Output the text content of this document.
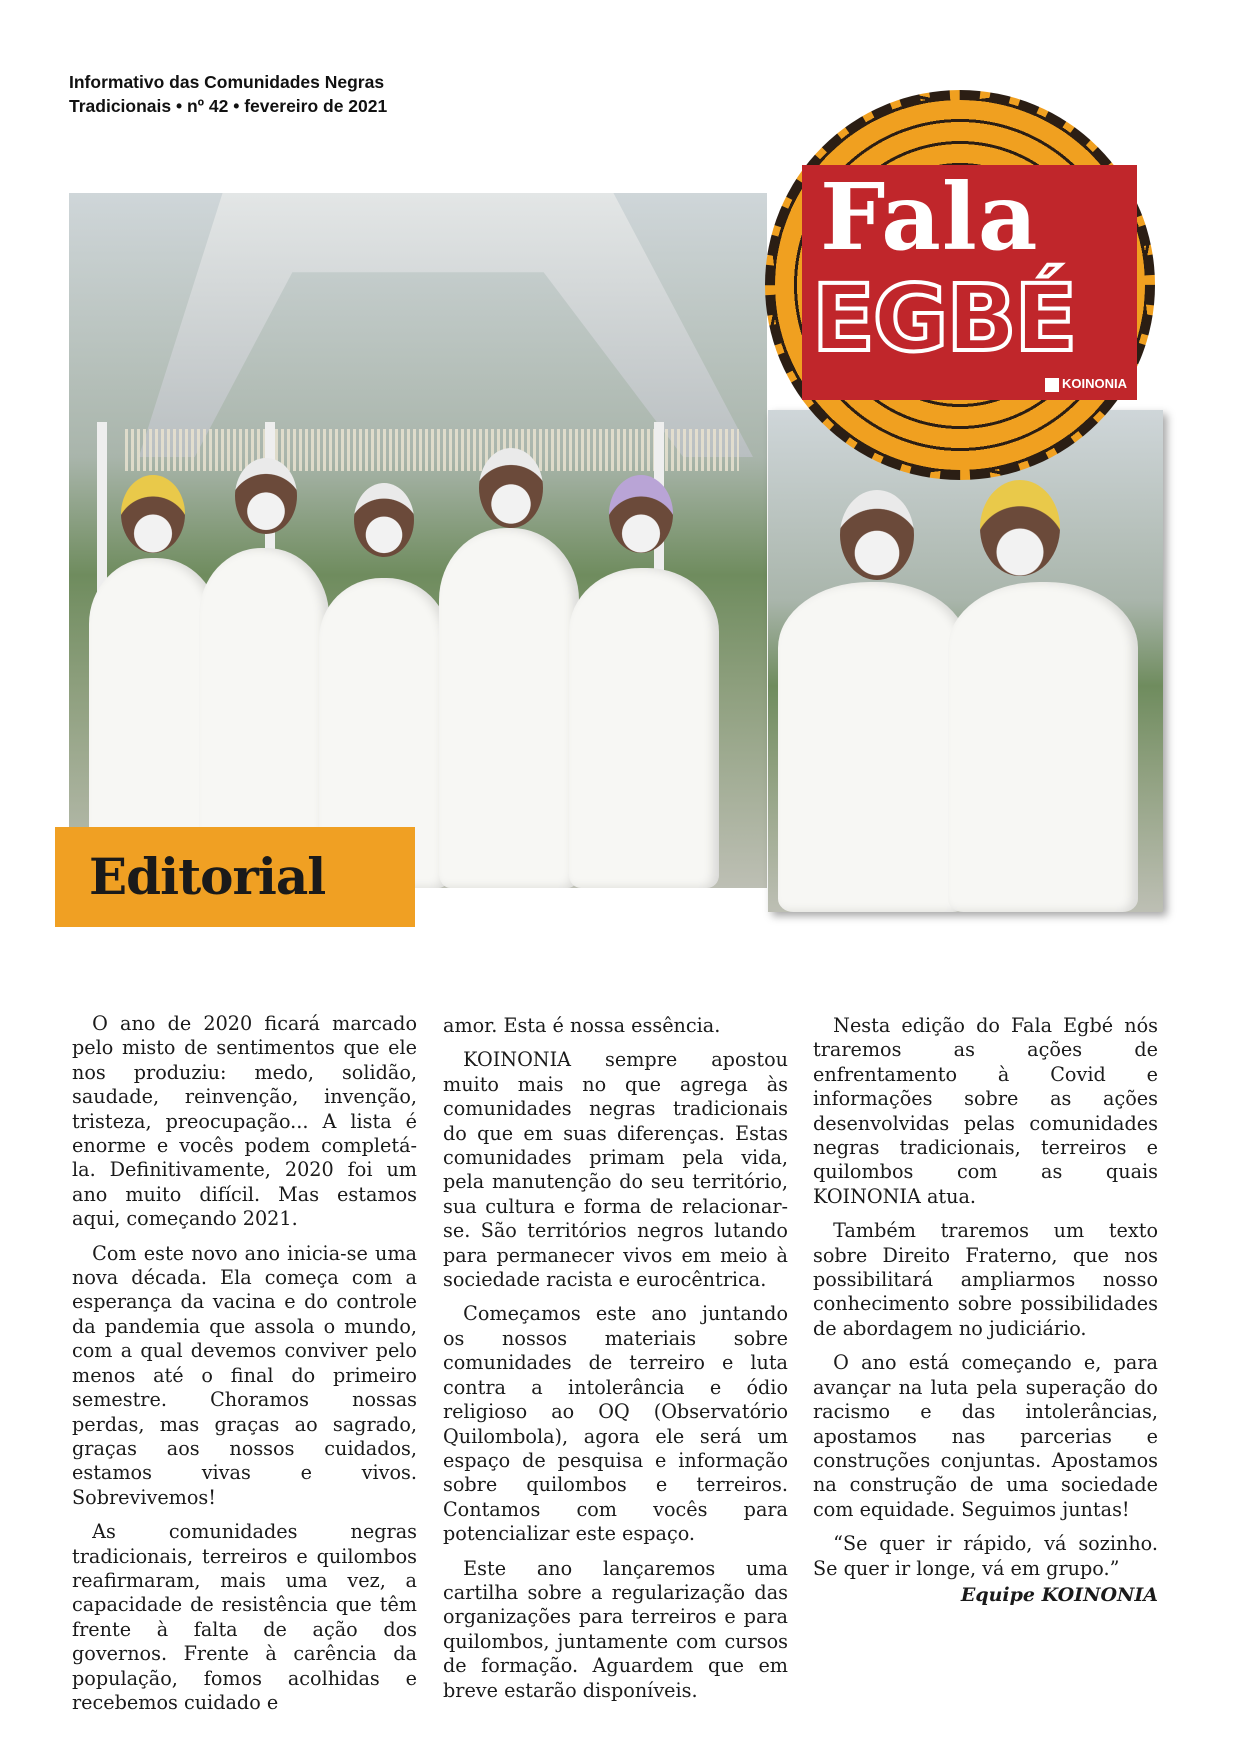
Informativo das Comunidades Negras
Tradicionais • nº 42 • fevereiro de 2021
Fala
EGBÉ
KOINONIA
Editorial

O ano de 2020 ficará marcado pelo misto de sentimentos que ele nos produziu: medo, solidão, saudade, reinvenção, invenção, tristeza, preocupação... A lista é enorme e vocês podem completá-la. Definitivamente, 2020 foi um ano muito difícil. Mas estamos aqui, começando 2021.

Com este novo ano inicia-se uma nova década. Ela começa com a esperança da vacina e do controle da pandemia que assola o mundo, com a qual devemos conviver pelo menos até o final do primeiro semestre. Choramos nossas perdas, mas graças ao sagrado, graças aos nossos cuidados, estamos vivas e vivos. Sobrevivemos!

As comunidades negras tradicionais, terreiros e quilombos reafirmaram, mais uma vez, a capacidade de resistência que têm frente à falta de ação dos governos. Frente à carência da população, fomos acolhidas e recebemos cuidado e

amor. Esta é nossa essência.

KOINONIA sempre apostou muito mais no que agrega às comunidades negras tradicionais do que em suas diferenças. Estas comunidades primam pela vida, pela manutenção do seu território, sua cultura e forma de relacionar-se. São territórios negros lutando para permanecer vivos em meio à sociedade racista e eurocêntrica.

Começamos este ano juntando os nossos materiais sobre comunidades de terreiro e luta contra a intolerância e ódio religioso ao OQ (Observatório Quilombola), agora ele será um espaço de pesquisa e informação sobre quilombos e terreiros. Contamos com vocês para potencializar este espaço.

Este ano lançaremos uma cartilha sobre a regularização das organizações para terreiros e para quilombos, juntamente com cursos de formação. Aguardem que em breve estarão disponíveis.

Nesta edição do Fala Egbé nós traremos as ações de enfrentamento à Covid e informações sobre as ações desenvolvidas pelas comunidades negras tradicionais, terreiros e quilombos com as quais KOINONIA atua.

Também traremos um texto sobre Direito Fraterno, que nos possibilitará ampliarmos nosso conhecimento sobre possibilidades de abordagem no judiciário.

O ano está começando e, para avançar na luta pela superação do racismo e das intolerâncias, apostamos nas parcerias e construções conjuntas. Apostamos na construção de uma sociedade com equidade. Seguimos juntas!

“Se quer ir rápido, vá sozinho. Se quer ir longe, vá em grupo.”

Equipe KOINONIA
